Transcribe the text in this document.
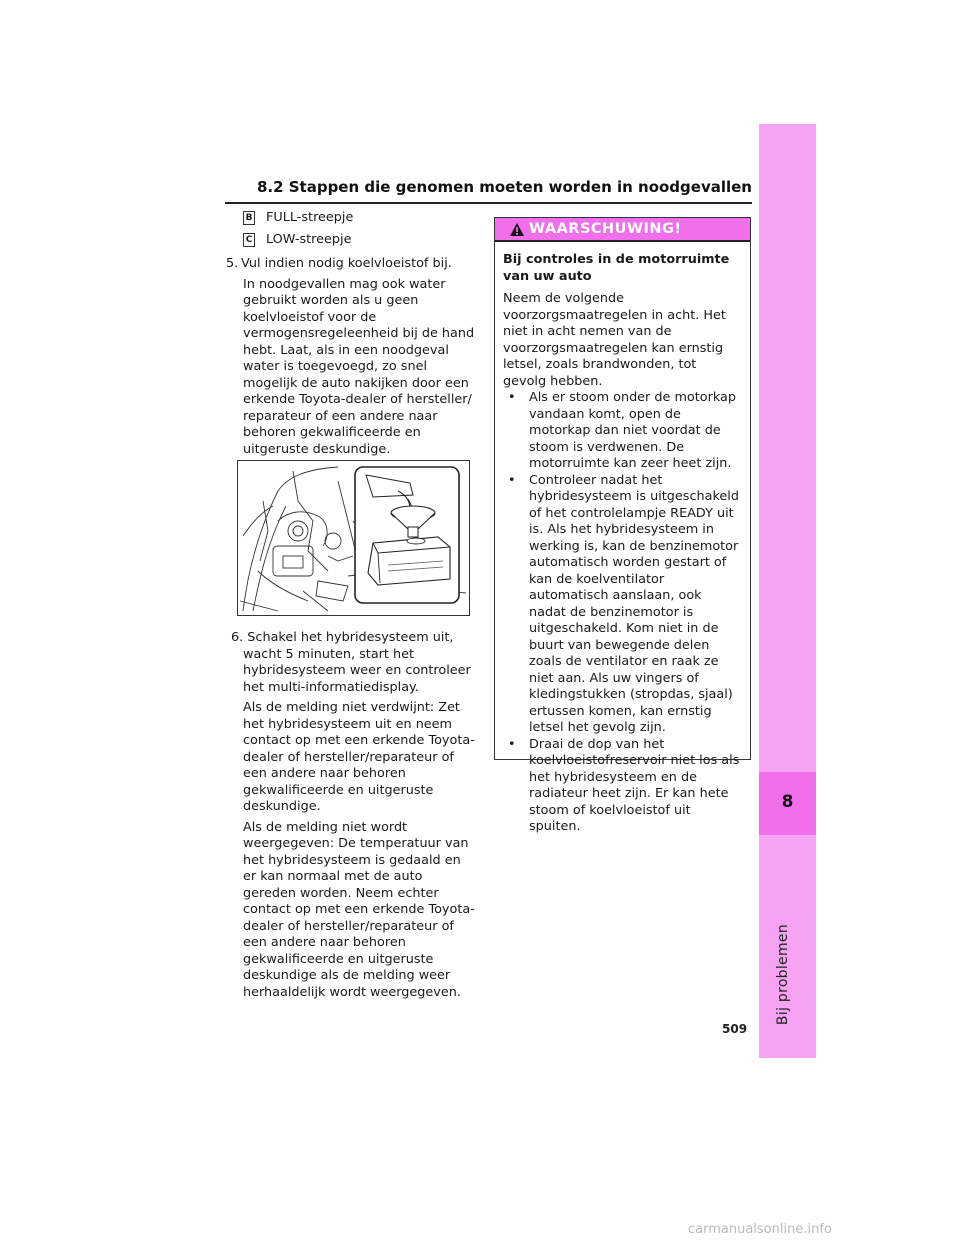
8
Bij problemen
8.2 Stappen die genomen moeten worden in noodgevallen
B FULL-streepje
C LOW-streepje
5. Vul indien nodig koelvloeistof bij.
In noodgevallen mag ook water gebruikt worden als u geen koelvloeistof voor de vermogensregeleenheid bij de hand hebt. Laat, als in een noodgeval water is toegevoegd, zo snel mogelijk de auto nakijken door een erkende Toyota-dealer of hersteller/ reparateur of een andere naar behoren gekwalificeerde en uitgeruste deskundige.
6. Schakel het hybridesysteem uit, wacht 5 minuten, start het hybridesysteem weer en controleer het multi-informatiedisplay.
Als de melding niet verdwijnt: Zet het hybridesysteem uit en neem contact op met een erkende Toyota-dealer of hersteller/reparateur of een andere naar behoren gekwalificeerde en uitgeruste deskundige.
Als de melding niet wordt weergegeven: De temperatuur van het hybridesysteem is gedaald en er kan normaal met de auto gereden worden. Neem echter contact op met een erkende Toyota-dealer of hersteller/reparateur of een andere naar behoren gekwalificeerde en uitgeruste deskundige als de melding weer herhaaldelijk wordt weergegeven.
WAARSCHUWING!
Bij controles in de motorruimte van uw auto
Neem de volgende voorzorgsmaatregelen in acht. Het niet in acht nemen van de voorzorgsmaatregelen kan ernstig letsel, zoals brandwonden, tot gevolg hebben.
• Als er stoom onder de motorkap vandaan komt, open de motorkap dan niet voordat de stoom is verdwenen. De motorruimte kan zeer heet zijn.
• Controleer nadat het hybridesysteem is uitgeschakeld of het controlelampje READY uit is. Als het hybridesysteem in werking is, kan de benzinemotor automatisch worden gestart of kan de koelventilator automatisch aanslaan, ook nadat de benzinemotor is uitgeschakeld. Kom niet in de buurt van bewegende delen zoals de ventilator en raak ze niet aan. Als uw vingers of kledingstukken (stropdas, sjaal) ertussen komen, kan ernstig letsel het gevolg zijn.
• Draai de dop van het koelvloeistofreservoir niet los als het hybridesysteem en de radiateur heet zijn. Er kan hete stoom of koelvloeistof uit spuiten.
509
carmanualsonline.info
